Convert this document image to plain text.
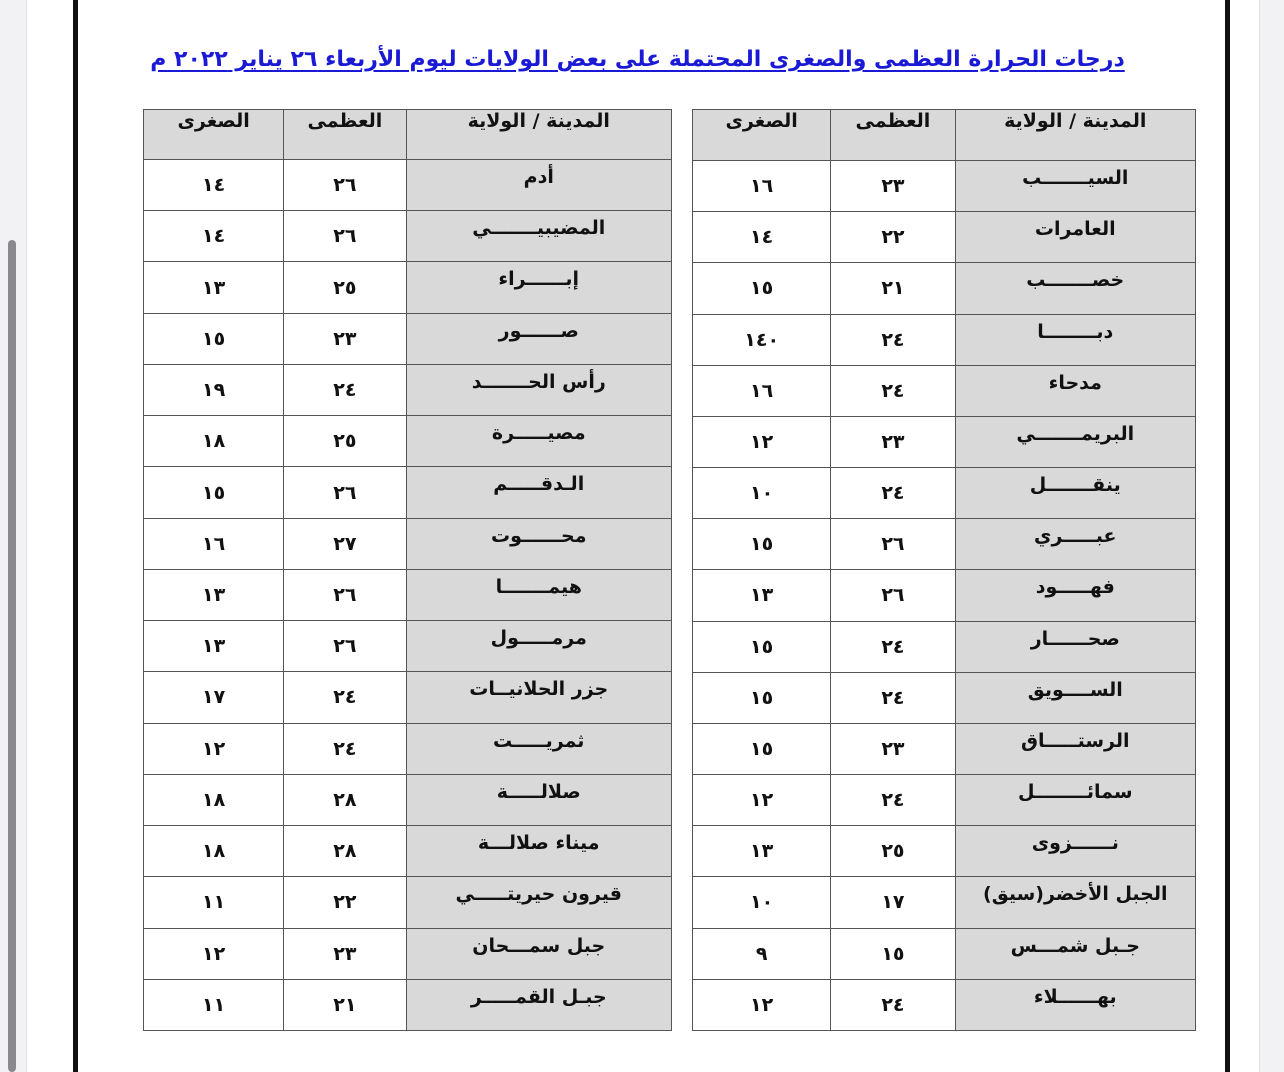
درجات الحرارة العظمى والصغرى المحتملة على بعض الولايات ليوم الأربعاء ٢٦ يناير ٢٠٢٢ م
المدينة / الولاية	العظمى	الصغرى
السيـــــــب	٢٣	١٦
العامرات	٢٢	١٤
خصـــــــب	٢١	١٥
دبــــــــا	٢٤	١٤٠
مدحاء	٢٤	١٦
البريمـــــــي	٢٣	١٢
ينقـــــــل	٢٤	١٠
عبـــــري	٢٦	١٥
فهـــــود	٢٦	١٣
صحــــــار	٢٤	١٥
الســــويق	٢٤	١٥
الرستـــــاق	٢٣	١٥
سمائــــــــل	٢٤	١٢
نــــــزوى	٢٥	١٣
الجبل الأخضر(سيق)	١٧	١٠
جـبل شمـــس	١٥	٩
بهــــــلاء	٢٤	١٢
المدينة / الولاية	العظمى	الصغرى
أدم	٢٦	١٤
المضيبيـــــــي	٢٦	١٤
إبــــــراء	٢٥	١٣
صــــــور	٢٣	١٥
رأس الحـــــــد	٢٤	١٩
مصيـــــرة	٢٥	١٨
الـدقـــــم	٢٦	١٥
محــــــوت	٢٧	١٦
هيمـــــــا	٢٦	١٣
مرمـــــول	٢٦	١٣
جزر الحلانيــات	٢٤	١٧
ثمريـــــت	٢٤	١٢
صلالـــــة	٢٨	١٨
ميناء صلالـــة	٢٨	١٨
قيرون حيريتـــــي	٢٢	١١
جبل سمـــحان	٢٣	١٢
جبـل القمـــــر	٢١	١١
